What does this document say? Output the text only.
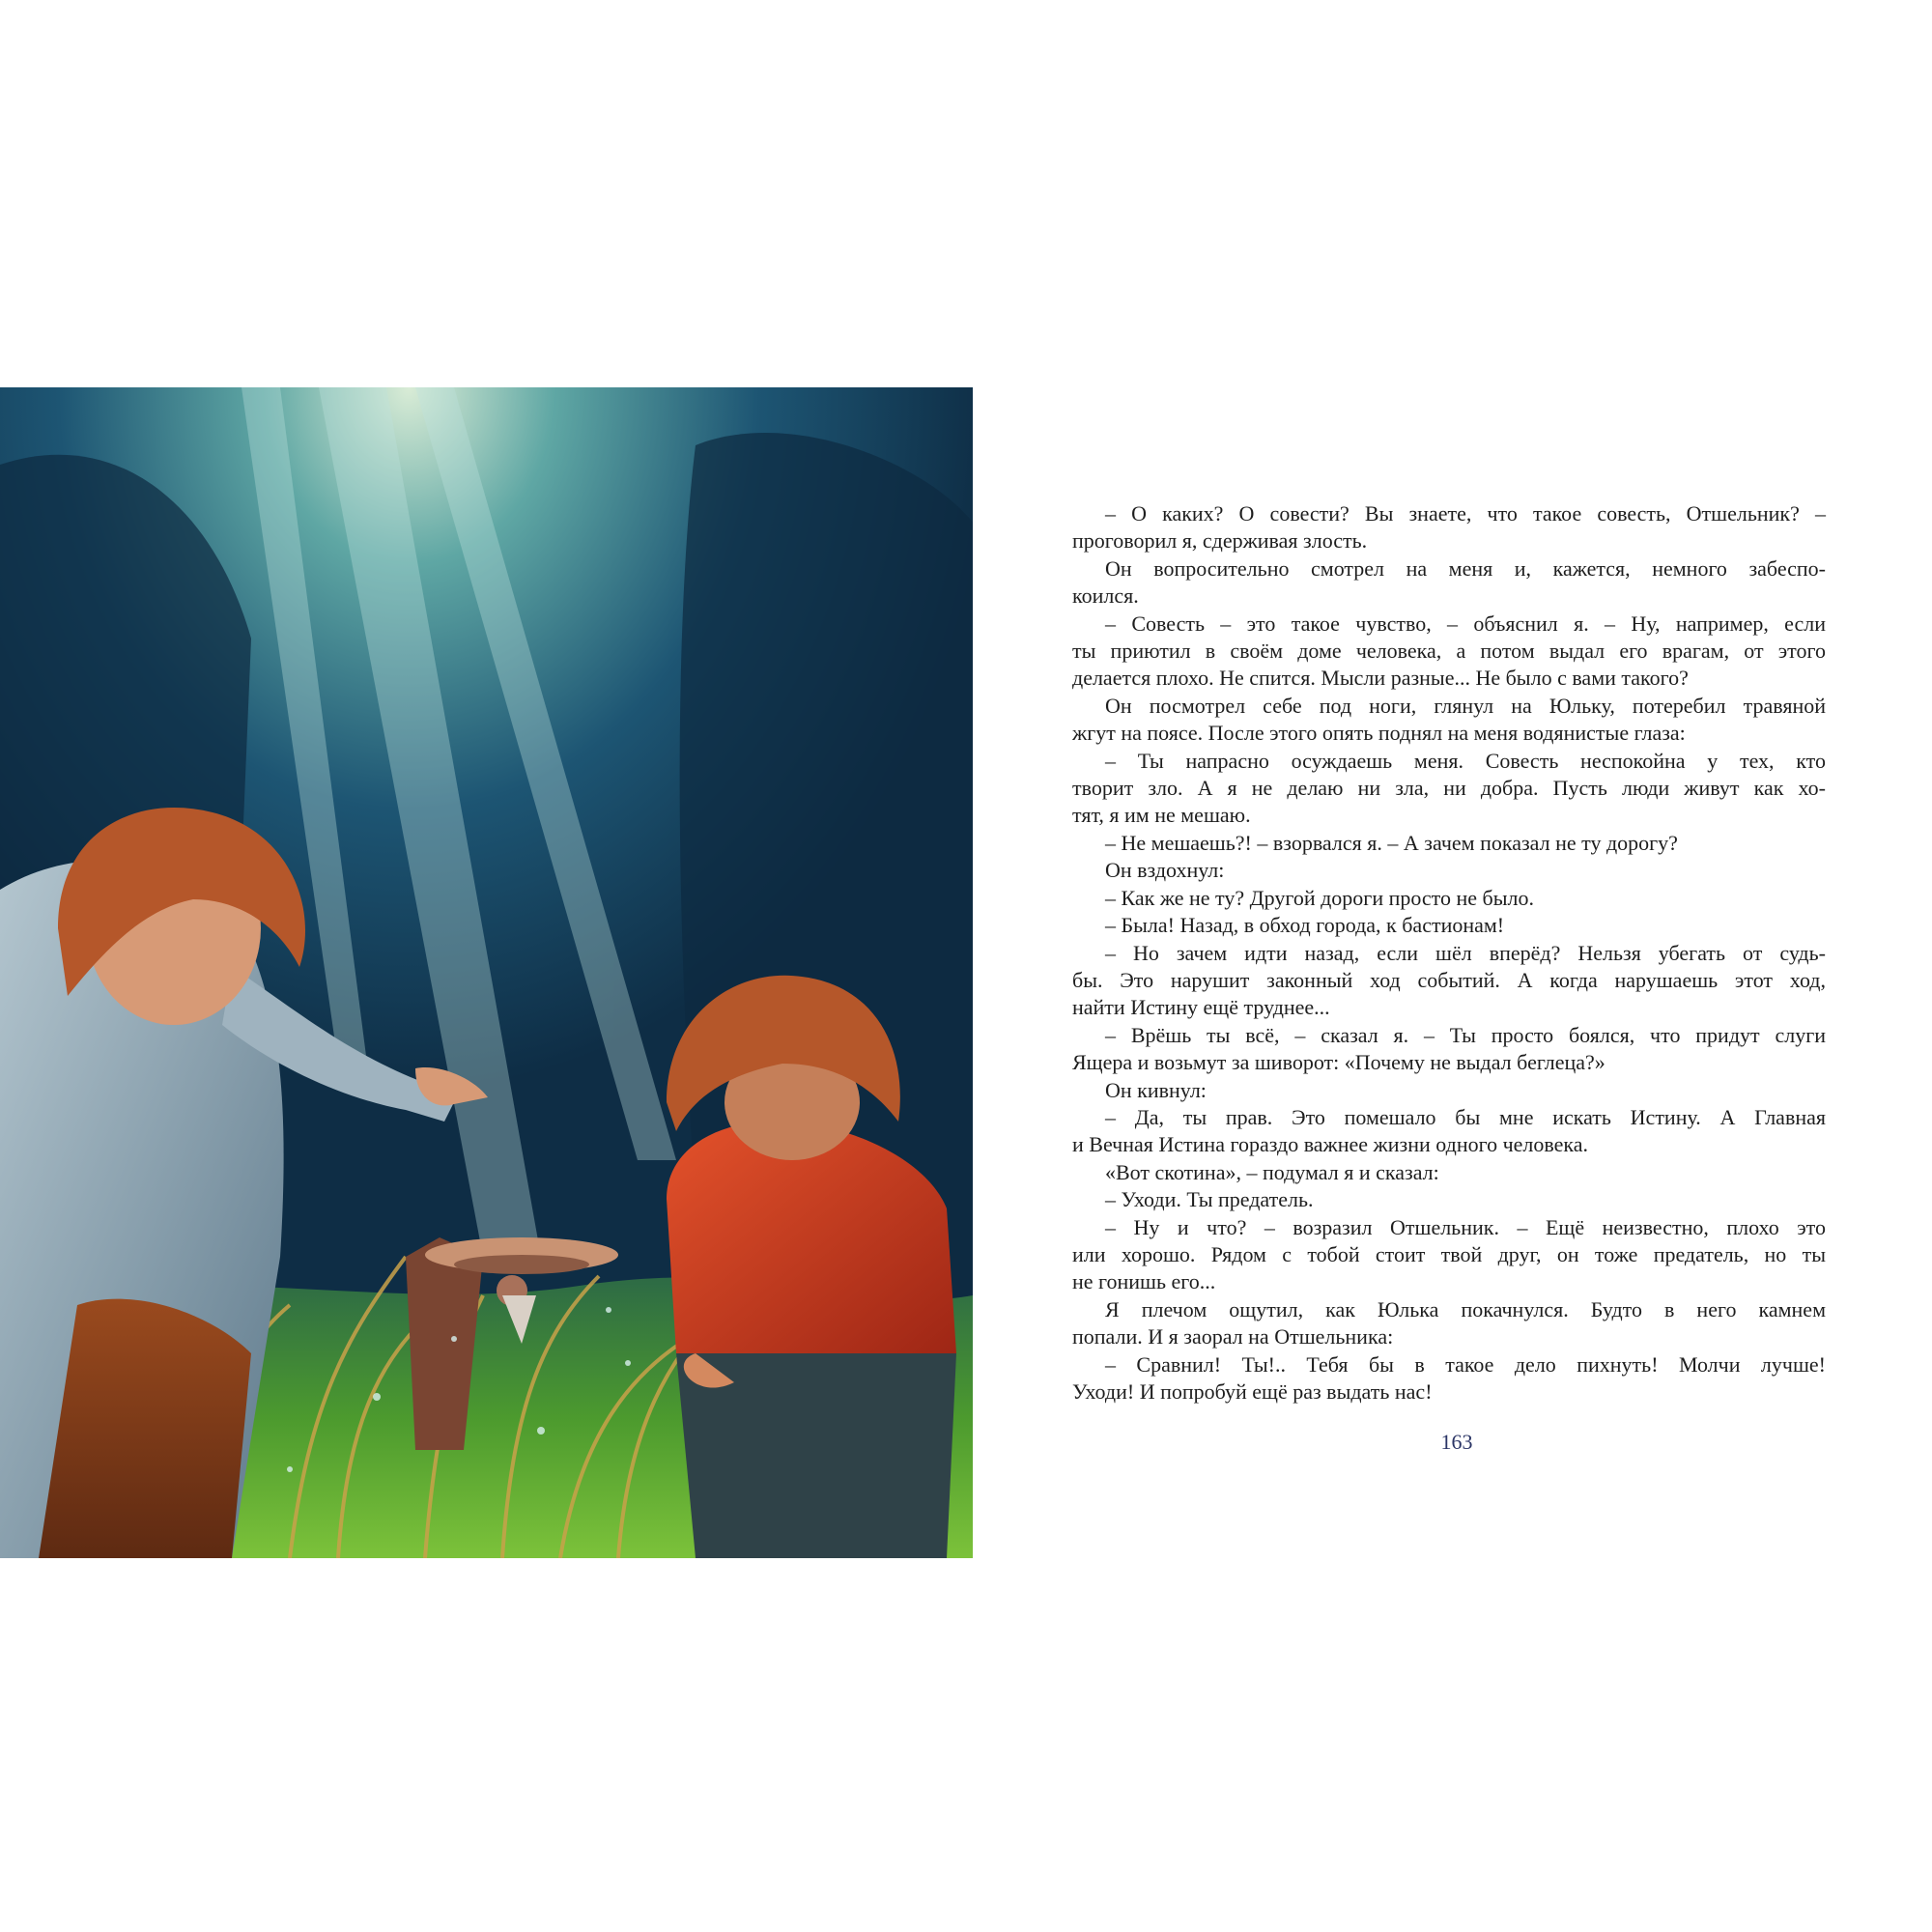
– О каких? О совести? Вы знаете, что такое совесть, Отшельник? –

проговорил я, сдерживая злость.

Он вопросительно смотрел на меня и, кажется, немного забеспо-

коился.

– Совесть – это такое чувство, – объяснил я. – Ну, например, если

ты приютил в своём доме человека, а потом выдал его врагам, от этого

делается плохо. Не спится. Мысли разные... Не было с вами такого?

Он посмотрел себе под ноги, глянул на Юльку, потеребил травяной

жгут на поясе. После этого опять поднял на меня водянистые глаза:

– Ты напрасно осуждаешь меня. Совесть неспокойна у тех, кто

творит зло. А я не делаю ни зла, ни добра. Пусть люди живут как хо-

тят, я им не мешаю.

– Не мешаешь?! – взорвался я. – А зачем показал не ту дорогу?

Он вздохнул:

– Как же не ту? Другой дороги просто не было.

– Была! Назад, в обход города, к бастионам!

– Но зачем идти назад, если шёл вперёд? Нельзя убегать от судь-

бы. Это нарушит законный ход событий. А когда нарушаешь этот ход,

найти Истину ещё труднее...

– Врёшь ты всё, – сказал я. – Ты просто боялся, что придут слуги

Ящера и возьмут за шиворот: «Почему не выдал беглеца?»

Он кивнул:

– Да, ты прав. Это помешало бы мне искать Истину. А Главная

и Вечная Истина гораздо важнее жизни одного человека.

«Вот скотина», – подумал я и сказал:

– Уходи. Ты предатель.

– Ну и что? – возразил Отшельник. – Ещё неизвестно, плохо это

или хорошо. Рядом с тобой стоит твой друг, он тоже предатель, но ты

не гонишь его...

Я плечом ощутил, как Юлька покачнулся. Будто в него камнем

попали. И я заорал на Отшельника:

– Сравнил! Ты!.. Тебя бы в такое дело пихнуть! Молчи лучше!

Уходи! И попробуй ещё раз выдать нас!

163
